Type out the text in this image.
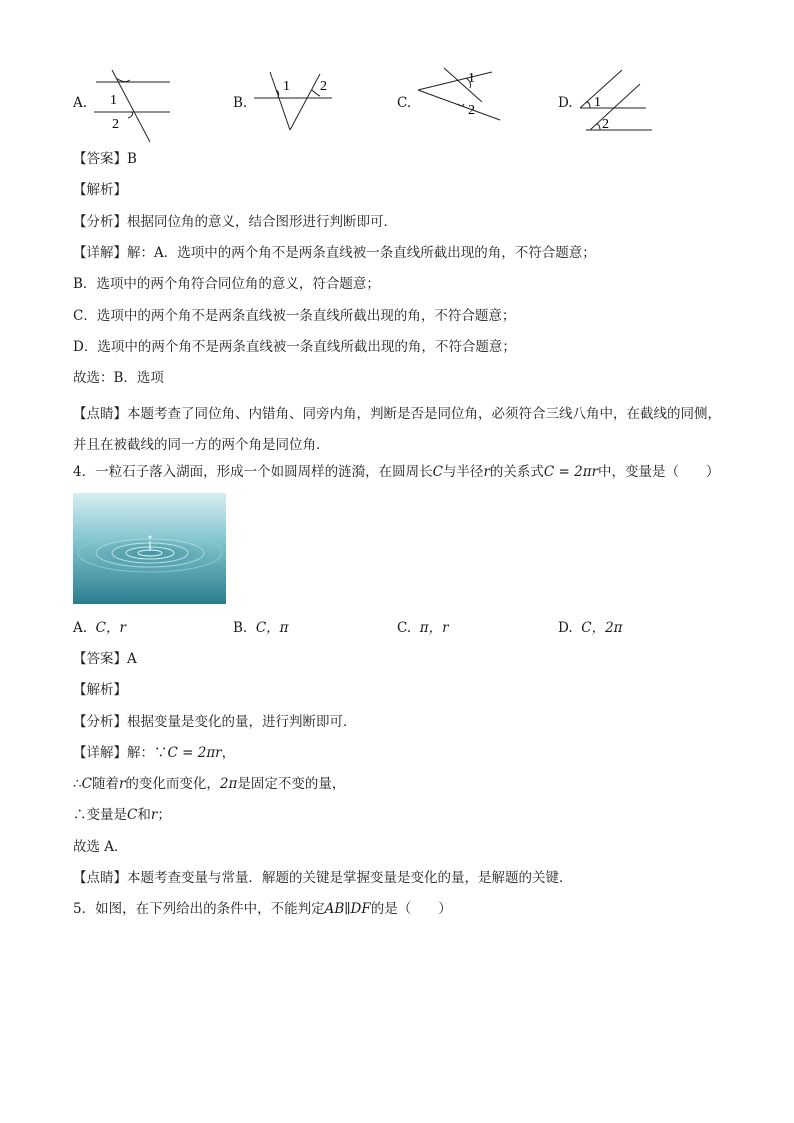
A. 1
2
B.
1 2
C.
1
2	D. 1
2
【答案】B
【解析】
【分析】根据同位角的意义，结合图形进行判断即可．
【详解】解：A．选项中的两个角不是两条直线被一条直线所截出现的角，不符合题意；
B．选项中的两个角符合同位角的意义，符合题意；
C．选项中的两个角不是两条直线被一条直线所截出现的角，不符合题意；
D．选项中的两个角不是两条直线被一条直线所截出现的角，不符合题意；
故选：B．选项
【点睛】本题考查了同位角、内错角、同旁内角，判断是否是同位角，必须符合三线八角中，在截线的同侧，并且在被截线的同一方的两个角是同位角．
4．一粒石子落入湖面，形成一个如圆周样的涟漪，在圆周长C与半径r的关系式C = 2πr中，变量是（　　）
A. C，r	B. C，π	C. π，r	D. C，2π
【答案】A
【解析】
【分析】根据变量是变化的量，进行判断即可．
【详解】解：∵C = 2πr，
∴C随着r的变化而变化，2π是固定不变的量，
∴变量是C和r；
故选 A．
【点睛】本题考查变量与常量．解题的关键是掌握变量是变化的量，是解题的关键．
5．如图，在下列给出的条件中，不能判定AB∥DF的是（　　）
